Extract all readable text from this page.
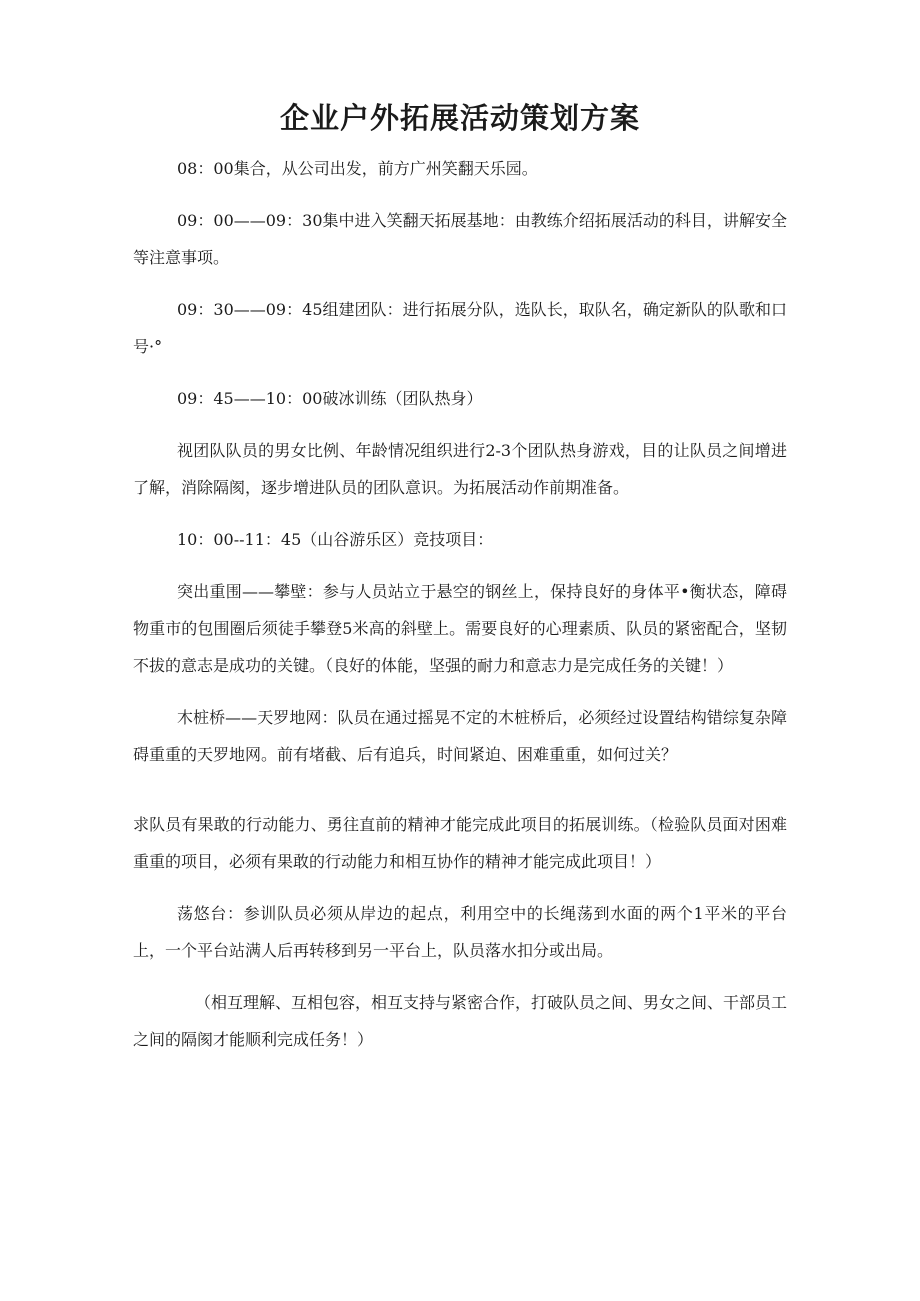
企业户外拓展活动策划方案

08：00集合，从公司出发，前方广州笑翻天乐园。

09：00——09：30集中进入笑翻天拓展基地：由教练介绍拓展活动的科目，讲解安全等注意事项。

09：30——09：45组建团队：进行拓展分队，选队长，取队名，确定新队的队歌和口号·°

09：45——10：00破冰训练（团队热身）

视团队队员的男女比例、年龄情况组织进行2-3个团队热身游戏，目的让队员之间增进了解，消除隔阂，逐步增进队员的团队意识。为拓展活动作前期准备。

10：00--11：45（山谷游乐区）竞技项目：

突出重围——攀壁：参与人员站立于悬空的钢丝上，保持良好的身体平•衡状态，障碍物重市的包围圈后须徒手攀登5米高的斜壁上。需要良好的心理素质、队员的紧密配合，坚韧不拔的意志是成功的关键。（良好的体能，坚强的耐力和意志力是完成任务的关键！）

木桩桥——天罗地网：队员在通过摇晃不定的木桩桥后，必须经过设置结构错综复杂障碍重重的天罗地网。前有堵截、后有追兵，时间紧迫、困难重重，如何过关？

求队员有果敢的行动能力、勇往直前的精神才能完成此项目的拓展训练。（检验队员面对困难重重的项目，必须有果敢的行动能力和相互协作的精神才能完成此项目！）

荡悠台：参训队员必须从岸边的起点，利用空中的长绳荡到水面的两个1平米的平台上，一个平台站满人后再转移到另一平台上，队员落水扣分或出局。

（相互理解、互相包容，相互支持与紧密合作，打破队员之间、男女之间、干部员工之间的隔阂才能顺利完成任务！）
